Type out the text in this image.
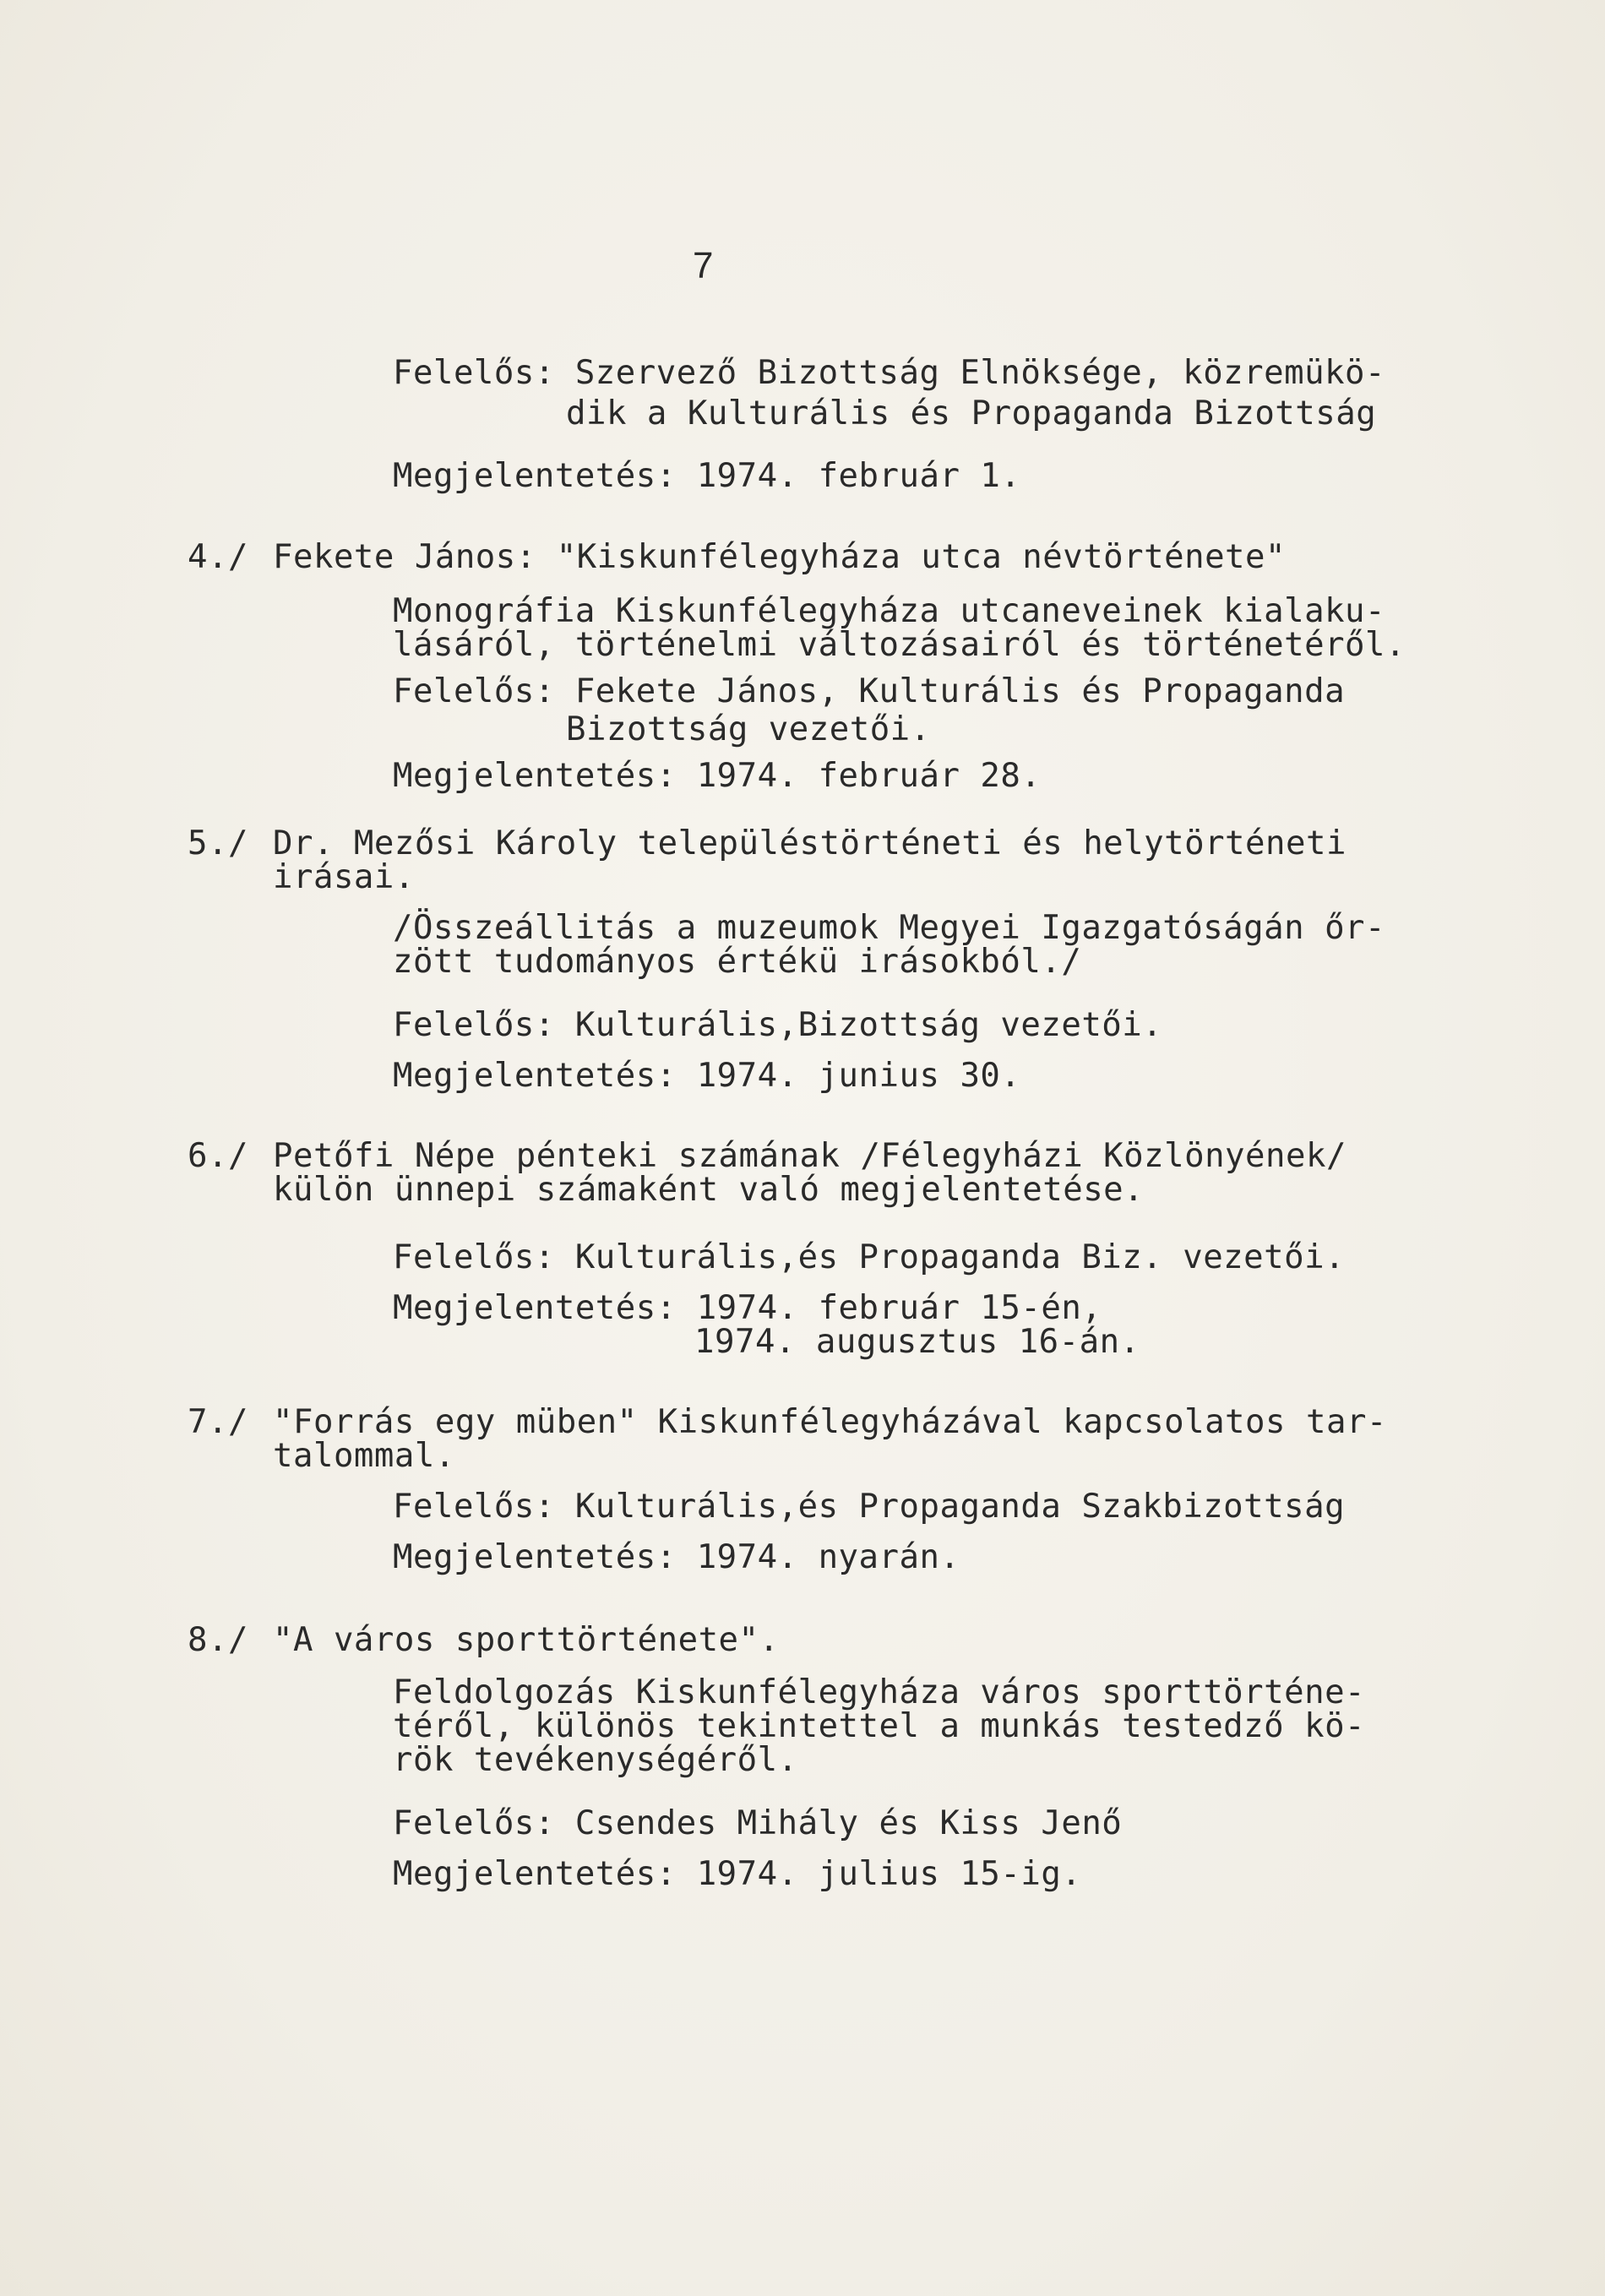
7
Felelős: Szervező Bizottság Elnöksége, közremükö-
dik a Kulturális és Propaganda Bizottság
Megjelentetés: 1974. február 1.
4./ Fekete János: "Kiskunfélegyháza utca névtörténete"
Monográfia Kiskunfélegyháza utcaneveinek kialaku-
lásáról, történelmi változásairól és történetéről.
Felelős: Fekete János, Kulturális és Propaganda
Bizottság vezetői.
Megjelentetés: 1974. február 28.
5./ Dr. Mezősi Károly településtörténeti és helytörténeti
irásai.
/Összeállitás a muzeumok Megyei Igazgatóságán őr-
zött tudományos értékü irásokból./
Felelős: Kulturális,Bizottság vezetői.
Megjelentetés: 1974. junius 30.
6./ Petőfi Népe pénteki számának /Félegyházi Közlönyének/
külön ünnepi számaként való megjelentetése.
Felelős: Kulturális,és Propaganda Biz. vezetői.
Megjelentetés: 1974. február 15-én,
1974. augusztus 16-án.
7./ "Forrás egy müben" Kiskunfélegyházával kapcsolatos tar-
talommal.
Felelős: Kulturális,és Propaganda Szakbizottság
Megjelentetés: 1974. nyarán.
8./ "A város sporttörténete".
Feldolgozás Kiskunfélegyháza város sporttörténe-
téről, különös tekintettel a munkás testedző kö-
rök tevékenységéről.
Felelős: Csendes Mihály és Kiss Jenő
Megjelentetés: 1974. julius 15-ig.
